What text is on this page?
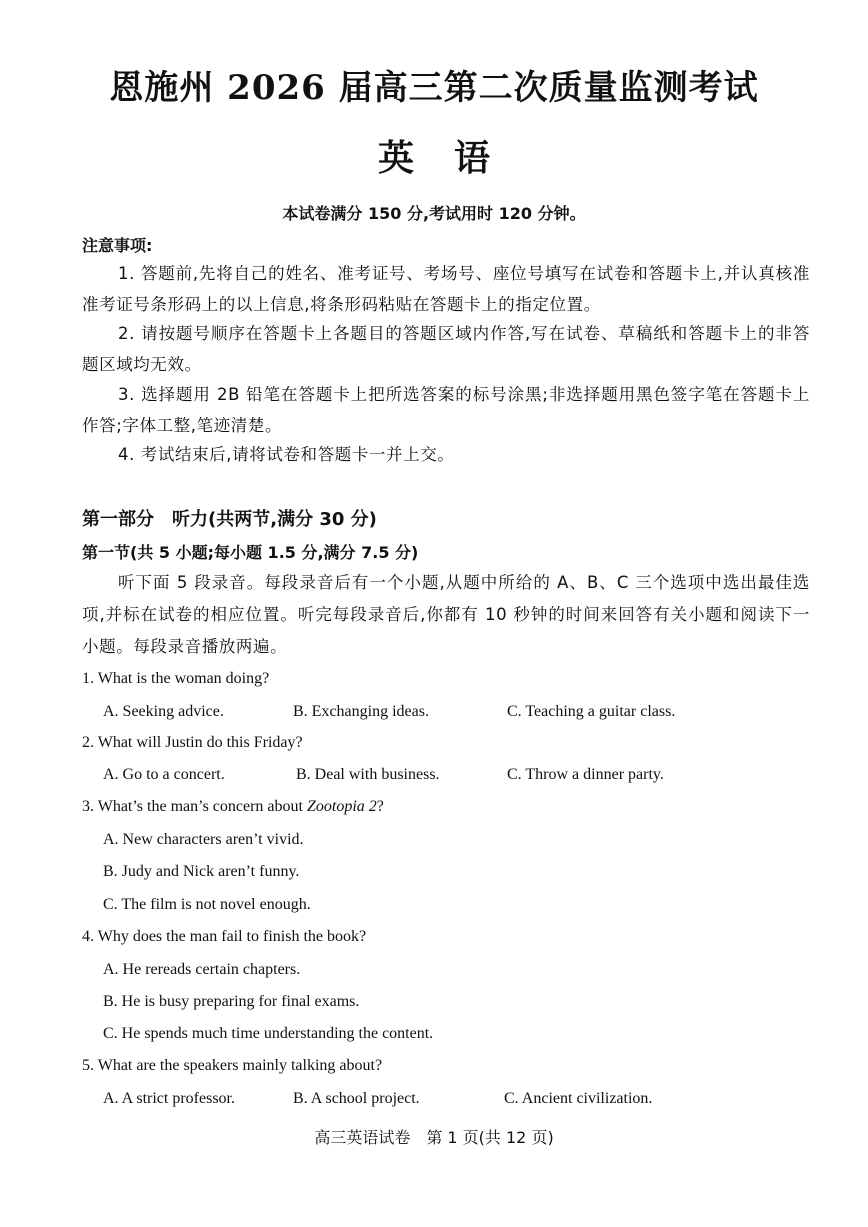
恩施州 2026 届高三第二次质量监测考试
英语
本试卷满分 150 分,考试用时 120 分钟。
注意事项:
1. 答题前,先将自己的姓名、准考证号、考场号、座位号填写在试卷和答题卡上,并认真核准准考证号条形码上的以上信息,将条形码粘贴在答题卡上的指定位置。
2. 请按题号顺序在答题卡上各题目的答题区域内作答,写在试卷、草稿纸和答题卡上的非答题区域均无效。
3. 选择题用 2B 铅笔在答题卡上把所选答案的标号涂黑;非选择题用黑色签字笔在答题卡上作答;字体工整,笔迹清楚。
4. 考试结束后,请将试卷和答题卡一并上交。
第一部分　听力(共两节,满分 30 分)
第一节(共 5 小题;每小题 1.5 分,满分 7.5 分)
听下面 5 段录音。每段录音后有一个小题,从题中所给的 A、B、C 三个选项中选出最佳选项,并标在试卷的相应位置。听完每段录音后,你都有 10 秒钟的时间来回答有关小题和阅读下一小题。每段录音播放两遍。
1. What is the woman doing?
A. Seeking advice.	B. Exchanging ideas.	C. Teaching a guitar class.
2. What will Justin do this Friday?
A. Go to a concert.	B. Deal with business.	C. Throw a dinner party.
3. What’s the man’s concern about Zootopia 2?
A. New characters aren’t vivid.
B. Judy and Nick aren’t funny.
C. The film is not novel enough.
4. Why does the man fail to finish the book?
A. He rereads certain chapters.
B. He is busy preparing for final exams.
C. He spends much time understanding the content.
5. What are the speakers mainly talking about?
A. A strict professor.	B. A school project.	C. Ancient civilization.
高三英语试卷　第 1 页(共 12 页)
